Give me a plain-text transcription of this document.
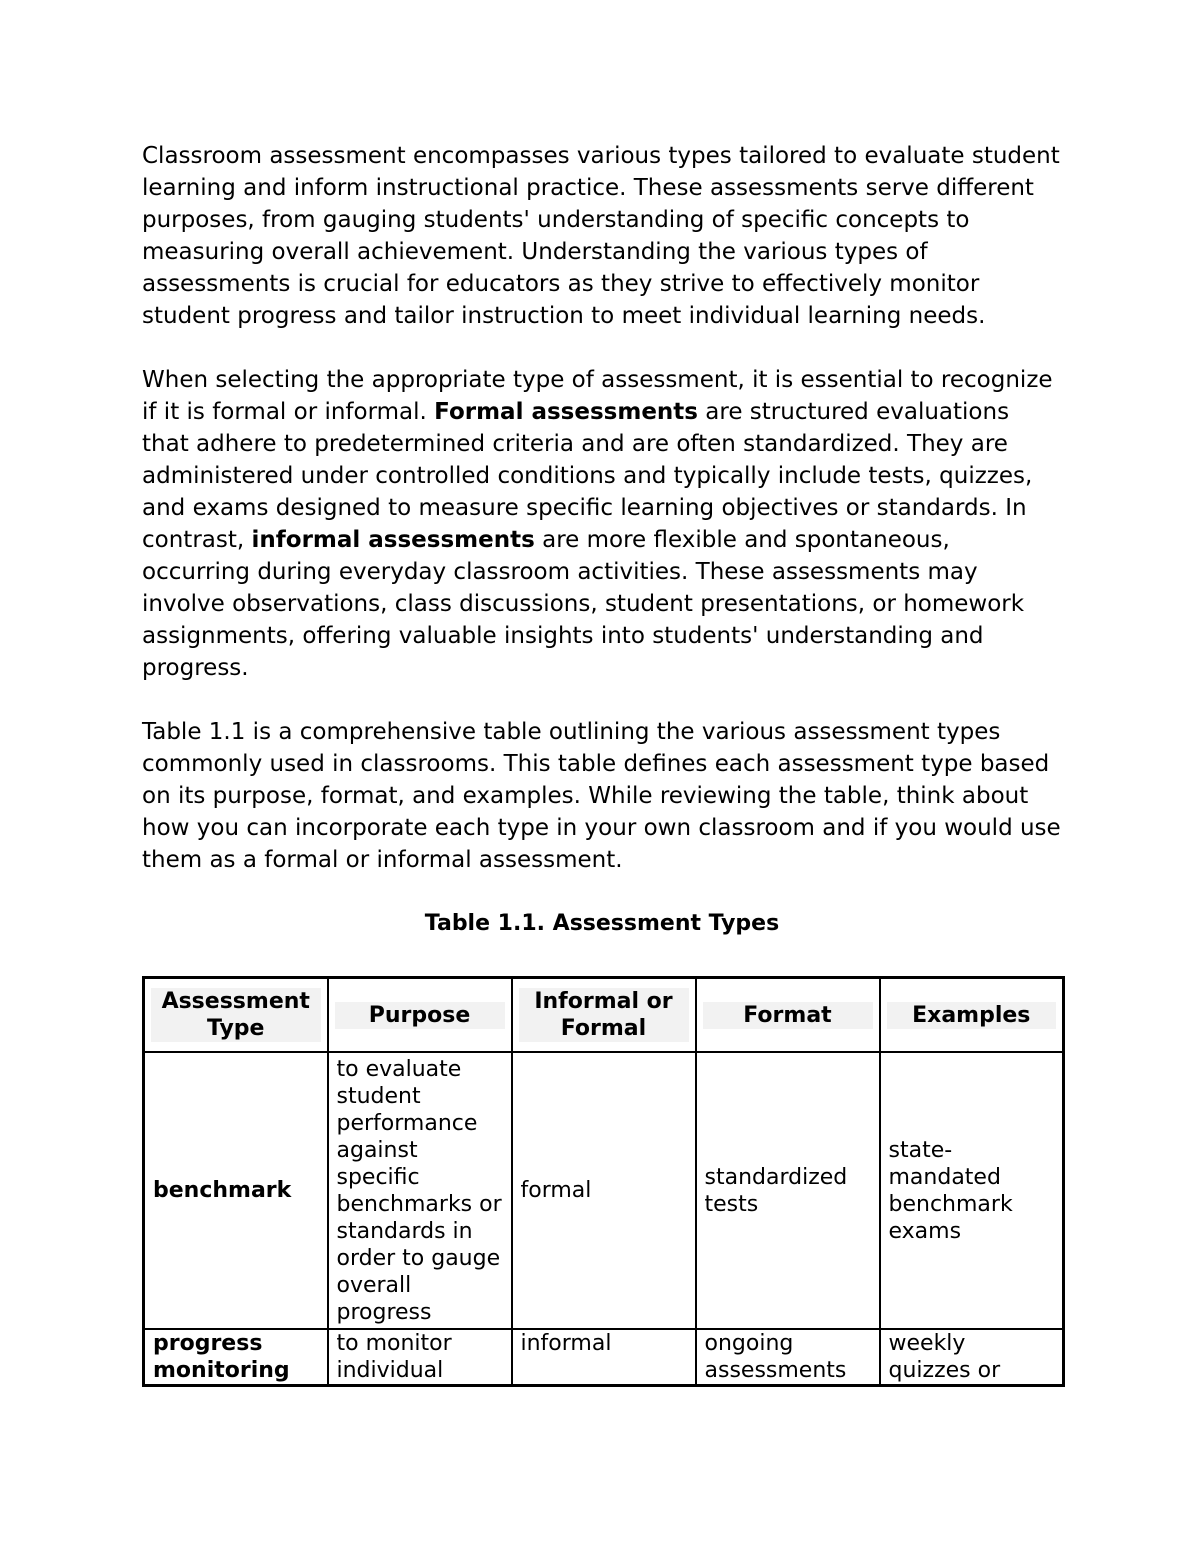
Classroom assessment encompasses various types tailored to evaluate student learning and inform instructional practice. These assessments serve different purposes, from gauging students' understanding of specific concepts to measuring overall achievement. Understanding the various types of assessments is crucial for educators as they strive to effectively monitor student progress and tailor instruction to meet individual learning needs.

When selecting the appropriate type of assessment, it is essential to recognize if it is formal or informal. Formal assessments are structured evaluations that adhere to predetermined criteria and are often standardized. They are administered under controlled conditions and typically include tests, quizzes, and exams designed to measure specific learning objectives or standards. In contrast, informal assessments are more flexible and spontaneous, occurring during everyday classroom activities. These assessments may involve observations, class discussions, student presentations, or homework assignments, offering valuable insights into students' understanding and progress.

Table 1.1 is a comprehensive table outlining the various assessment types commonly used in classrooms. This table defines each assessment type based on its purpose, format, and examples. While reviewing the table, think about how you can incorporate each type in your own classroom and if you would use them as a formal or informal assessment.

Table 1.1. Assessment Types
Assessment Type	Purpose	Informal or Formal	Format	Examples

benchmark	to evaluate student performance against specific benchmarks or standards in order to gauge overall progress	formal	standardized tests	state-mandated benchmark exams

progress monitoring	to monitor individual	informal	ongoing assessments	weekly quizzes or
